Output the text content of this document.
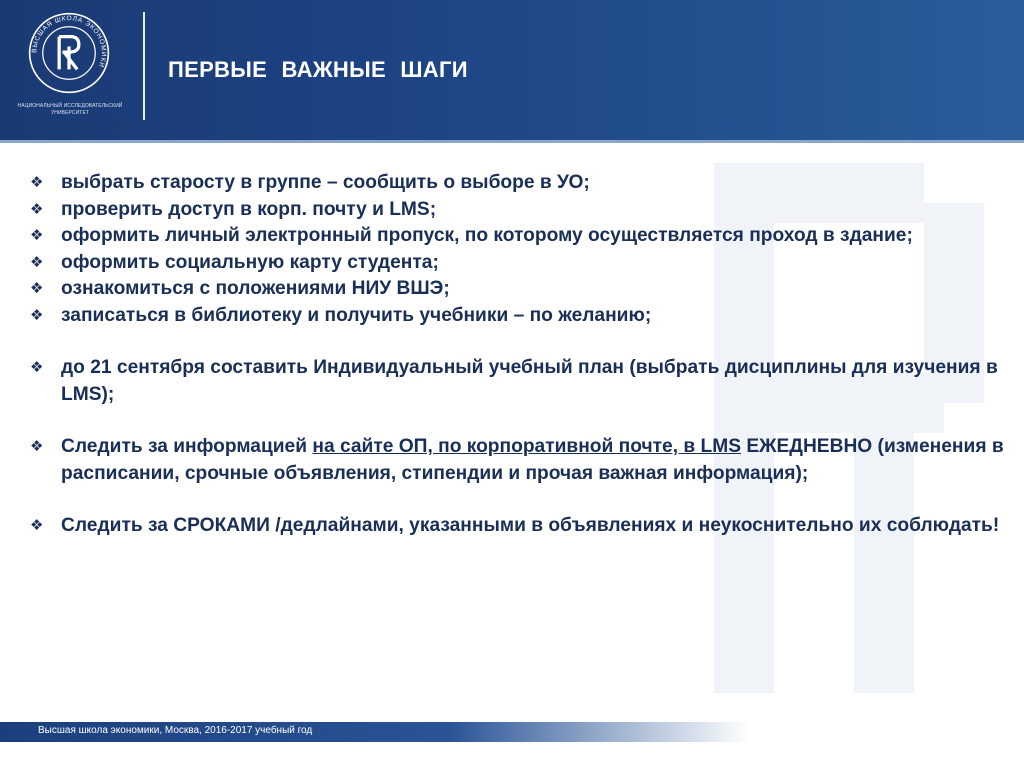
ВЫСШАЯ ШКОЛА ЭКОНОМИКИ
НАЦИОНАЛЬНЫЙ ИССЛЕДОВАТЕЛЬСКИЙ
УНИВЕРСИТЕТ
ПЕРВЫЕ ВАЖНЫЕ ШАГИ
❖ выбрать старосту в группе – сообщить о выборе в УО;
❖ проверить доступ в корп. почту и LMS;
❖ оформить личный электронный пропуск, по которому осуществляется проход в здание;
❖ оформить социальную карту студента;
❖ ознакомиться с положениями НИУ ВШЭ;
❖ записаться в библиотеку и получить учебники – по желанию;
❖ до 21 сентября составить Индивидуальный учебный план (выбрать дисциплины для изучения в LMS);
❖ Следить за информацией на сайте ОП, по корпоративной почте, в LMS ЕЖЕДНЕВНО (изменения в расписании, срочные объявления, стипендии и прочая важная информация);
❖ Следить за СРОКАМИ /дедлайнами, указанными в объявлениях и неукоснительно их соблюдать!
Высшая школа экономики, Москва, 2016-2017 учебный год
